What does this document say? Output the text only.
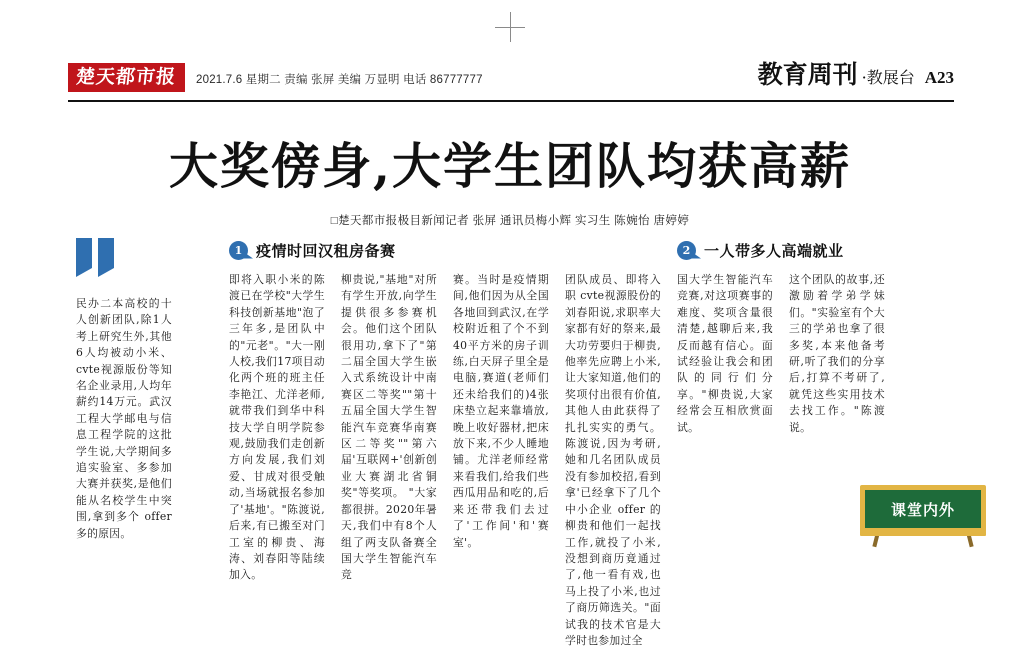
楚天都市报 2021.7.6 星期二 责编 张屏 美编 万显明 电话 86777777	教育周刊 ·教展台 A23
大奖傍身,大学生团队均获高薪
□楚天都市报极目新闻记者 张屏 通讯员梅小辉 实习生 陈婉怡 唐婷婷
民办二本高校的十人创新团队,除1人考上研究生外,其他6人均被动小米、cvte视源版份等知名企业录用,人均年薪约14万元。武汉工程大学邮电与信息工程学院的这批学生说,大学期间多追实验室、多参加大赛并获奖,是他们能从名校学生中突围,拿到多个 offer 多的原因。
1 疫情时回汉租房备赛
即将入职小米的陈渡已在学校"大学生科技创新基地"泡了三年多,是团队中的"元老"。"大一刚人校,我们17项目动化两个班的班主任李艳江、尤洋老师,就带我们到华中科技大学自明学院参观,鼓励我们走创新方向发展,我们刘爱、甘成对很受触动,当场就报名参加了'基地'。"陈渡说,后来,有已搬至对门工室的柳贵、海涛、刘春阳等陆续加入。
柳贵说,"基地"对所有学生开放,向学生提供很多参赛机会。他们这个团队很用功,拿下了"第二届全国大学生嵌入式系统设计中南赛区二等奖""第十五届全国大学生智能汽车竞赛华南赛区二等奖""第六届'互联网+'创新创业大赛湖北省铜奖"等奖项。 "大家都很拼。2020年暑天,我们中有8个人组了两支队备赛全国大学生智能汽车竞
赛。当时是疫情期间,他们因为从全国各地回到武汉,在学校附近租了个不到40平方米的房子训练,白天屏子里全是电脑,赛道(老师们还未给我们的)4张床垫立起来靠墙放,晚上收好器材,把床放下来,不少人睡地铺。尤洋老师经常来看我们,给我们些西瓜用品和吃的,后来还带我们去过了'工作间'和'赛室'。
团队成员、即将入职 cvte视源股份的刘春阳说,求职率大家都有好的祭来,最大功劳要归于柳贵,他率先应聘上小米,让大家知道,他们的奖项付出很有价值,其他人由此获得了扎扎实实的勇气。 陈渡说,因为考研,她和几名团队成员没有参加校招,看到拿'已经拿下了几个中小企业 offer 的柳贵和他们一起找工作,就投了小米,没想到商历竟通过了,他一看有戏,也马上投了小米,也过了商历筛选关。"面试我的技术官是大学时也参加过全
2 一人带多人高端就业
国大学生智能汽车竞赛,对这项赛事的难度、奖项含量很清楚,越聊后来,我反而越有信心。面试经验让我会和团队的同行们分享。"柳贵说,大家经常会互相欣赏面试。
这个团队的故事,还激励着学弟学妹们。"实验室有个大三的学弟也拿了很多奖,本来他备考研,听了我们的分享后,打算不考研了,就凭这些实用技术去找工作。"陈渡说。
课堂内外
